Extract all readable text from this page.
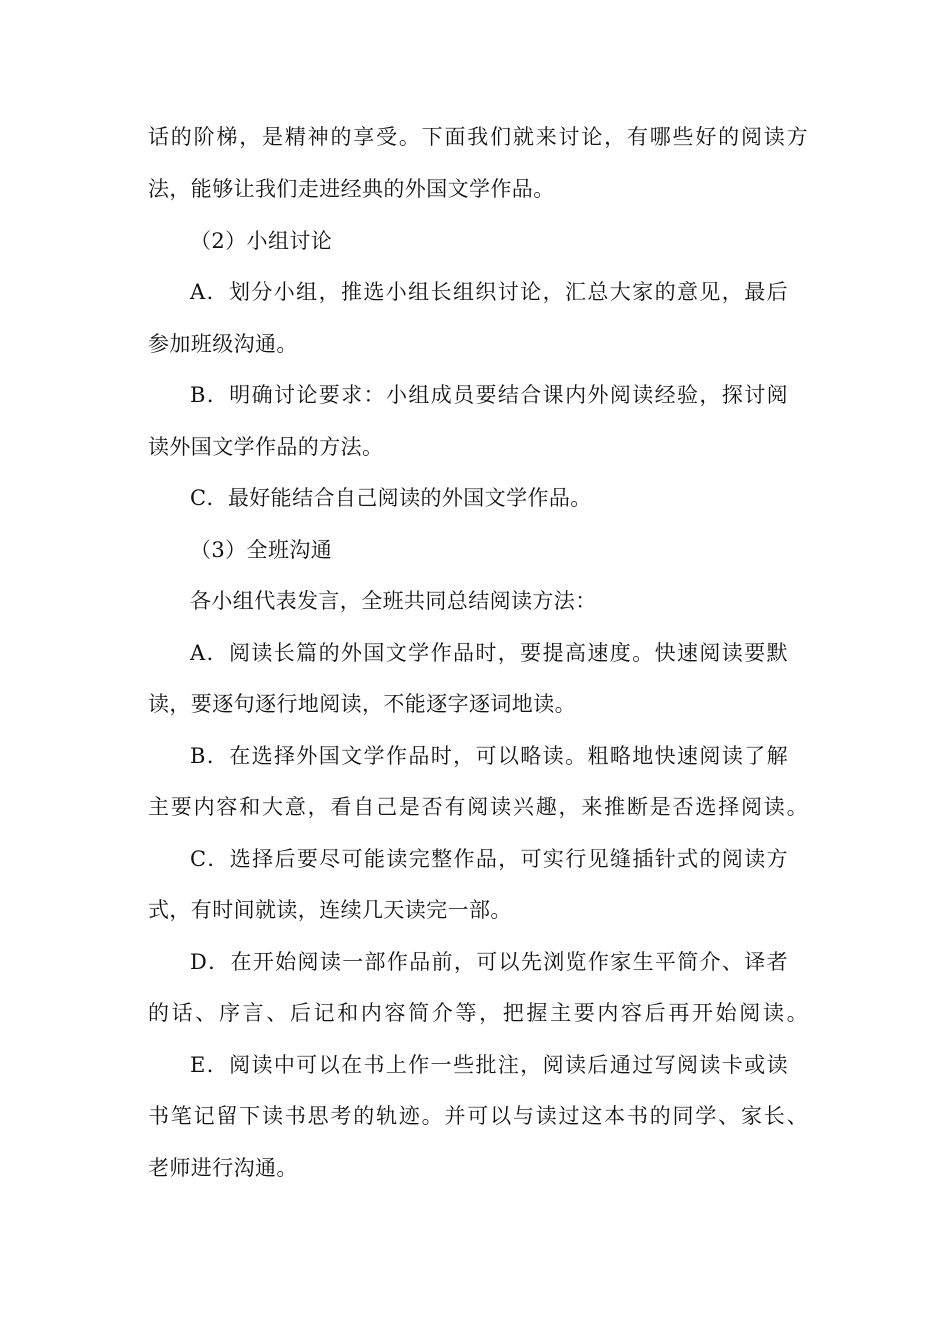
话的阶梯，是精神的享受。下面我们就来讨论，有哪些好的阅读方
法，能够让我们走进经典的外国文学作品。
（2）小组讨论
A．划分小组，推选小组长组织讨论，汇总大家的意见，最后
参加班级沟通。
B．明确讨论要求：小组成员要结合课内外阅读经验，探讨阅
读外国文学作品的方法。
C．最好能结合自己阅读的外国文学作品。
（3）全班沟通
各小组代表发言，全班共同总结阅读方法：
A．阅读长篇的外国文学作品时，要提高速度。快速阅读要默
读，要逐句逐行地阅读，不能逐字逐词地读。
B．在选择外国文学作品时，可以略读。粗略地快速阅读了解
主要内容和大意，看自己是否有阅读兴趣，来推断是否选择阅读。
C．选择后要尽可能读完整作品，可实行见缝插针式的阅读方
式，有时间就读，连续几天读完一部。
D．在开始阅读一部作品前，可以先浏览作家生平简介、译者
的话、序言、后记和内容简介等，把握主要内容后再开始阅读。
E．阅读中可以在书上作一些批注，阅读后通过写阅读卡或读
书笔记留下读书思考的轨迹。并可以与读过这本书的同学、家长、
老师进行沟通。
